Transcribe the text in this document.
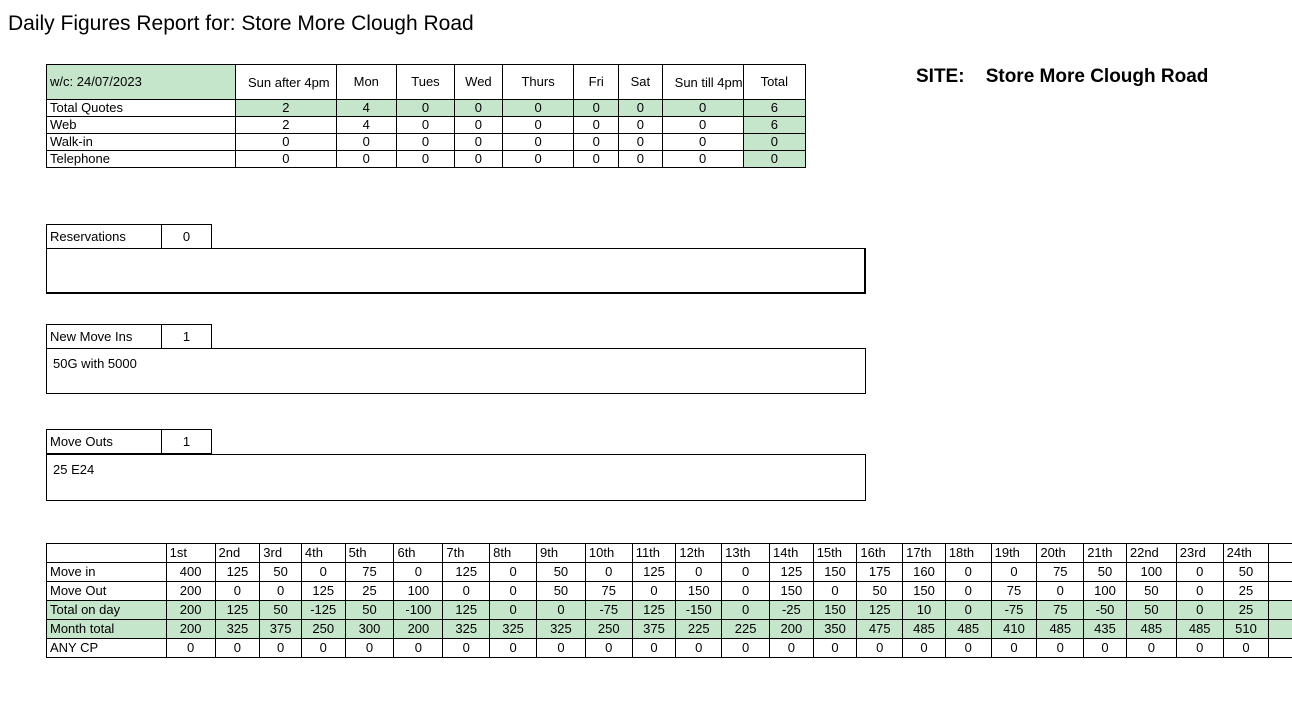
Daily Figures Report for: Store More Clough Road
SITE: Store More Clough Road
w/c: 24/07/2023	Sun after 4pm	Mon	Tues	Wed	Thurs	Fri	Sat	Sun till 4pm	Total
Total Quotes	2	4	0	0	0	0	0	0	6
Web	2	4	0	0	0	0	0	0	6
Walk-in	0	0	0	0	0	0	0	0	0
Telephone	0	0	0	0	0	0	0	0	0
Reservations	0
New Move Ins	1
50G with 5000
Move Outs	1
25 E24
	1st	2nd	3rd	4th	5th	6th	7th	8th	9th	10th	11th	12th	13th	14th	15th	16th	17th	18th	19th	20th	21th	22nd	23rd	24th	
Move in	400	125	50	0	75	0	125	0	50	0	125	0	0	125	150	175	160	0	0	75	50	100	0	50	
Move Out	200	0	0	125	25	100	0	0	50	75	0	150	0	150	0	50	150	0	75	0	100	50	0	25	
Total on day	200	125	50	-125	50	-100	125	0	0	-75	125	-150	0	-25	150	125	10	0	-75	75	-50	50	0	25	
Month total	200	325	375	250	300	200	325	325	325	250	375	225	225	200	350	475	485	485	410	485	435	485	485	510	
ANY CP	0	0	0	0	0	0	0	0	0	0	0	0	0	0	0	0	0	0	0	0	0	0	0	0	
